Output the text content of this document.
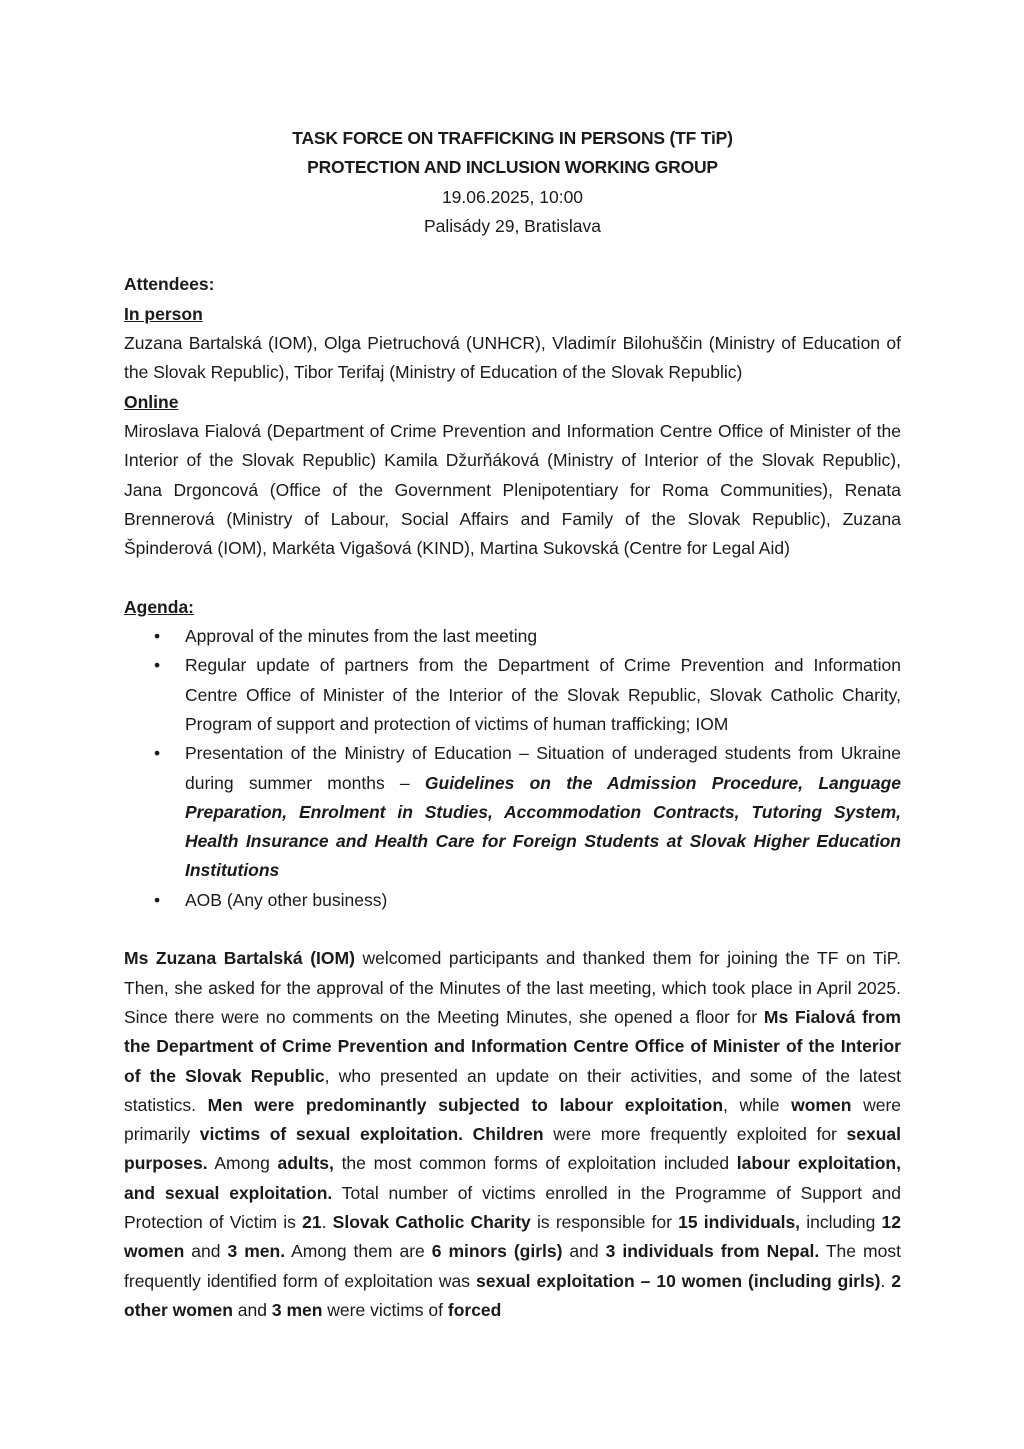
TASK FORCE ON TRAFFICKING IN PERSONS (TF TiP)
PROTECTION AND INCLUSION WORKING GROUP
19.06.2025, 10:00
Palisády 29, Bratislava
Attendees:
In person

Zuzana Bartalská (IOM), Olga Pietruchová (UNHCR), Vladimír Bilohuščin (Ministry of Education of the Slovak Republic), Tibor Terifaj (Ministry of Education of the Slovak Republic)

Online

Miroslava Fialová (Department of Crime Prevention and Information Centre Office of Minister of the Interior of the Slovak Republic) Kamila Džurňáková (Ministry of Interior of the Slovak Republic), Jana Drgoncová (Office of the Government Plenipotentiary for Roma Communities), Renata Brennerová (Ministry of Labour, Social Affairs and Family of the Slovak Republic), Zuzana Špinderová (IOM), Markéta Vigašová (KIND), Martina Sukovská (Centre for Legal Aid)

Agenda:
• Approval of the minutes from the last meeting
• Regular update of partners from the Department of Crime Prevention and Information Centre Office of Minister of the Interior of the Slovak Republic, Slovak Catholic Charity, Program of support and protection of victims of human trafficking; IOM
• Presentation of the Ministry of Education – Situation of underaged students from Ukraine during summer months – Guidelines on the Admission Procedure, Language Preparation, Enrolment in Studies, Accommodation Contracts, Tutoring System, Health Insurance and Health Care for Foreign Students at Slovak Higher Education Institutions
• AOB (Any other business)

Ms Zuzana Bartalská (IOM) welcomed participants and thanked them for joining the TF on TiP. Then, she asked for the approval of the Minutes of the last meeting, which took place in April 2025. Since there were no comments on the Meeting Minutes, she opened a floor for Ms Fialová from the Department of Crime Prevention and Information Centre Office of Minister of the Interior of the Slovak Republic, who presented an update on their activities, and some of the latest statistics. Men were predominantly subjected to labour exploitation, while women were primarily victims of sexual exploitation. Children were more frequently exploited for sexual purposes. Among adults, the most common forms of exploitation included labour exploitation, and sexual exploitation. Total number of victims enrolled in the Programme of Support and Protection of Victim is 21. Slovak Catholic Charity is responsible for 15 individuals, including 12 women and 3 men. Among them are 6 minors (girls) and 3 individuals from Nepal. The most frequently identified form of exploitation was sexual exploitation – 10 women (including girls). 2 other women and 3 men were victims of forced
